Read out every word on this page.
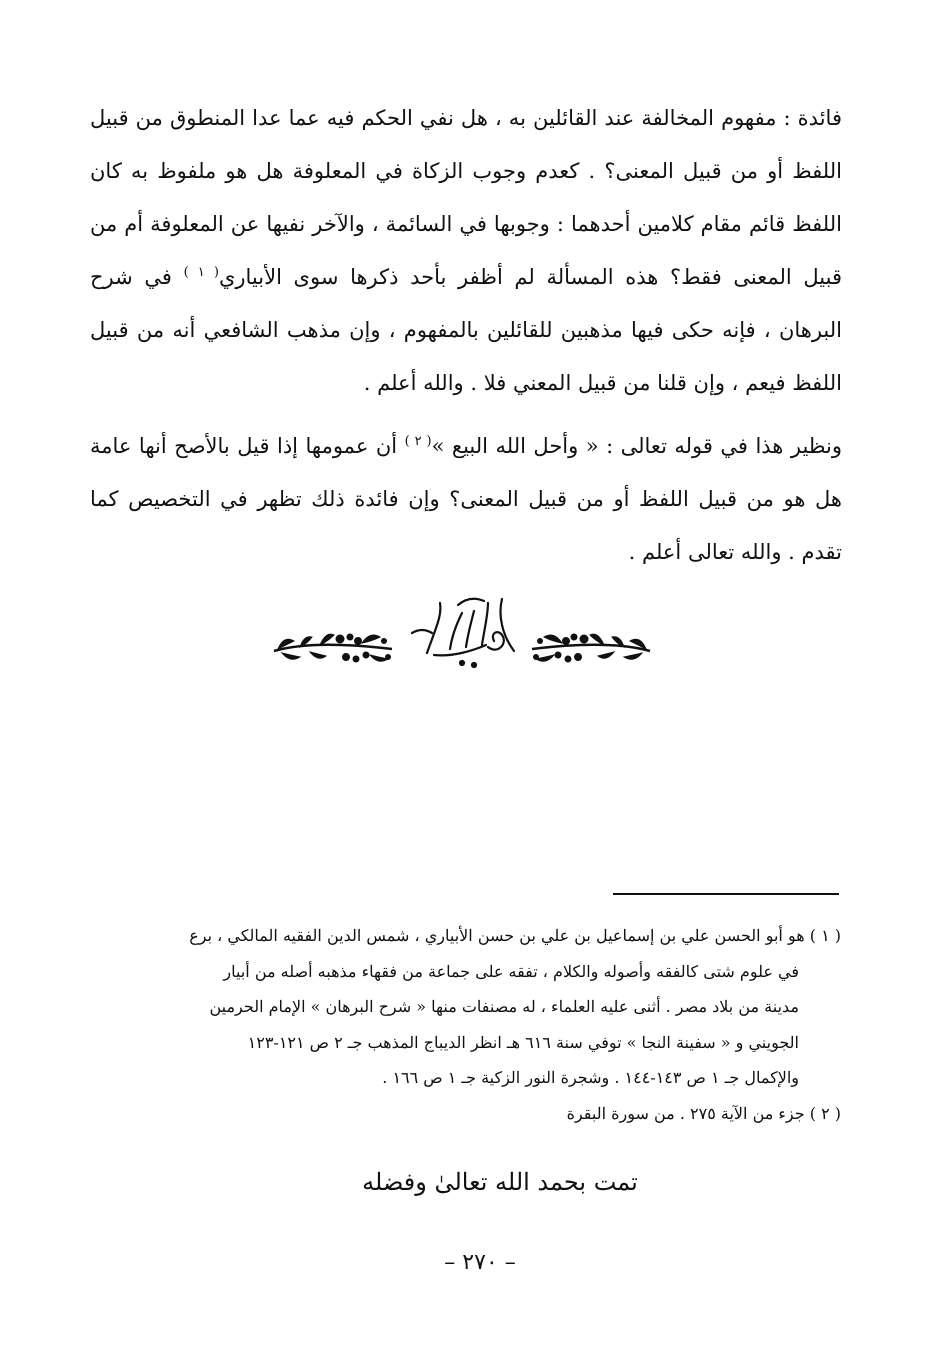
فائدة : مفهوم المخالفة عند القائلين به ، هل نفي الحكم فيه عما عدا المنطوق من قبيل اللفظ أو من قبيل المعنى؟ . كعدم وجوب الزكاة في المعلوفة هل هو ملفوظ به كان اللفظ قائم مقام كلامين أحدهما : وجوبها في السائمة ، والآخر نفيها عن المعلوفة أم من قبيل المعنى فقط؟ هذه المسألة لم أظفر بأحد ذكرها سوى الأبياري$^{( ١ )}$ في شرح البرهان ، فإنه حكى فيها مذهبين للقائلين بالمفهوم ، وإن مذهب الشافعي أنه من قبيل اللفظ فيعم ، وإن قلنا من قبيل المعني فلا . والله أعلم .

ونظير هذا في قوله تعالى : « وأحل الله البيع »$^{( ٢ )}$ أن عمومها إذا قيل بالأصح أنها عامة هل هو من قبيل اللفظ أو من قبيل المعنى؟ وإن فائدة ذلك تظهر في التخصيص كما تقدم . والله تعالى أعلم .

( ١ ) هو أبو الحسن علي بن إسماعيل بن علي بن حسن الأبياري ، شمس الدين الفقيه المالكي ، برع

في علوم شتى كالفقه وأصوله والكلام ، تفقه على جماعة من فقهاء مذهبه أصله من أبيار

مدينة من بلاد مصر . أثنى عليه العلماء ، له مصنفات منها « شرح البرهان » الإمام الحرمين

الجويني و « سفينة النجا » توفي سنة ٦١٦ هـ انظر الديباج المذهب جـ ٢ ص ١٢١-١٢٣

والإكمال جـ ١ ص ١٤٣-١٤٤ . وشجرة النور الزكية جـ ١ ص ١٦٦ .

( ٢ ) جزء من الآية ٢٧٥ . من سورة البقرة

تمت بحمد الله تعالىٰ وفضله
– ٢٧٠ –
